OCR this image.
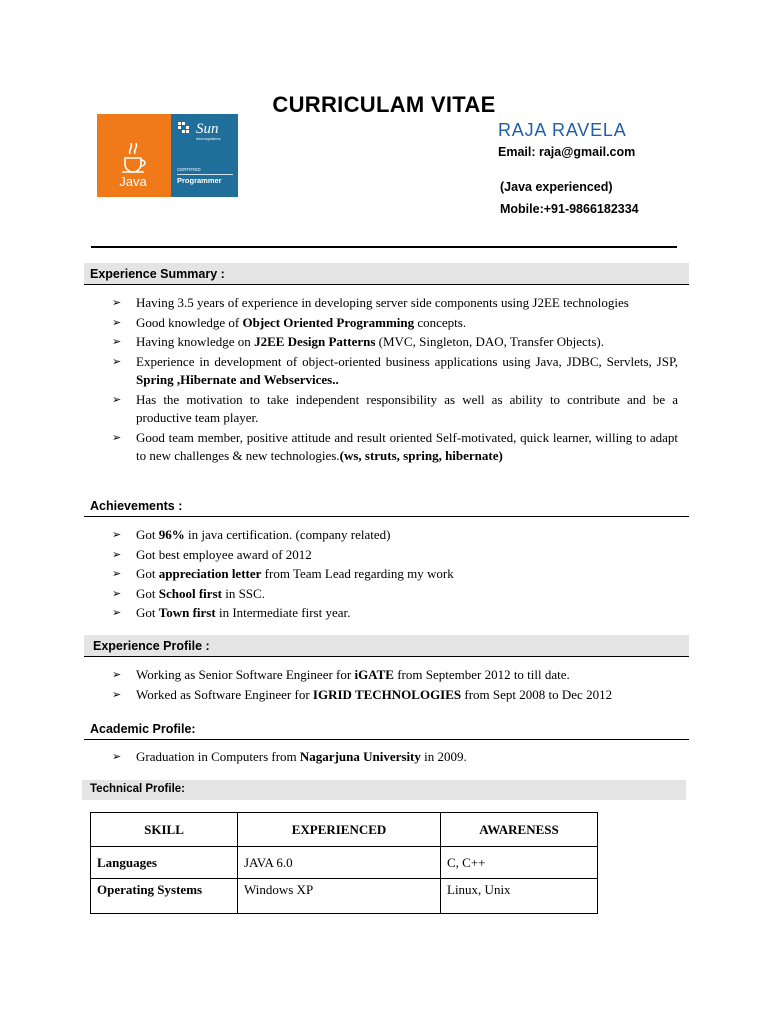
CURRICULAM VITAE
Java
Sun
microsystems
CERTIFIED
Programmer
RAJA RAVELA
Email: raja@gmail.com
(Java experienced)
Mobile:+91-9866182334
Experience Summary :
➢ Having 3.5 years of experience in developing server side components using J2EE technologies
➢ Good knowledge of Object Oriented Programming concepts.
➢ Having knowledge on J2EE Design Patterns (MVC, Singleton, DAO, Transfer Objects).
➢ Experience in development of object-oriented business applications using Java, JDBC, Servlets, JSP, Spring ,Hibernate and Webservices..
➢ Has the motivation to take independent responsibility as well as ability to contribute and be a productive team player.
➢ Good team member, positive attitude and result oriented Self-motivated, quick learner, willing to adapt to new challenges & new technologies.(ws, struts, spring, hibernate)
Achievements :
➢ Got 96% in java certification. (company related)
➢ Got best employee award of 2012
➢ Got appreciation letter from Team Lead regarding my work
➢ Got School first in SSC.
➢ Got Town first in Intermediate first year.
Experience Profile :
➢ Working as Senior Software Engineer for iGATE from September 2012 to till date.
➢ Worked as Software Engineer for IGRID TECHNOLOGIES from Sept 2008 to Dec 2012
Academic Profile:
➢ Graduation in Computers from Nagarjuna University in 2009.
Technical Profile:
SKILL	EXPERIENCED	AWARENESS
Languages	JAVA 6.0	C, C++
Operating Systems	Windows XP	Linux, Unix
